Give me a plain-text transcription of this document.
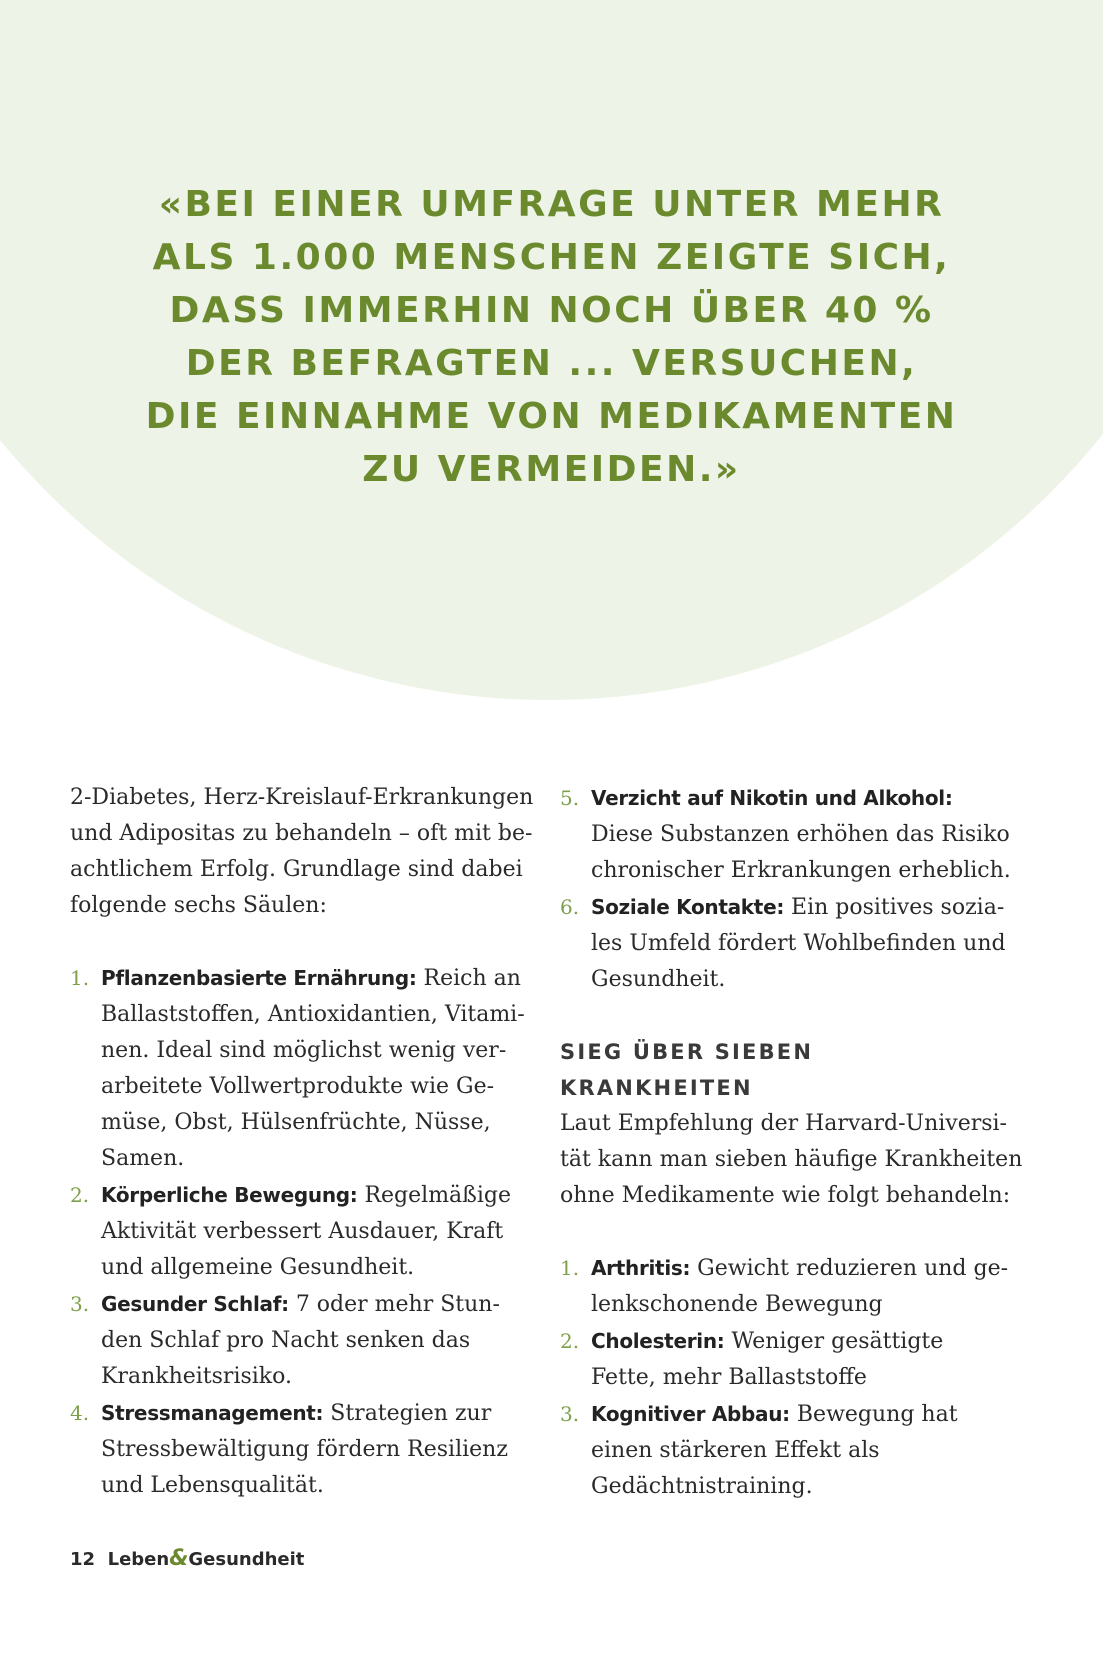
«BEI EINER UMFRAGE UNTER MEHR
ALS 1.000 MENSCHEN ZEIGTE SICH,
DASS IMMERHIN NOCH ÜBER 40 %
DER BEFRAGTEN ... VERSUCHEN,
DIE EINNAHME VON MEDIKAMENTEN
ZU VERMEIDEN.»

2-Diabetes, Herz-Kreislauf-Erkrankungen
und Adipositas zu behandeln – oft mit be-
achtlichem Erfolg. Grundlage sind dabei
folgende sechs Säulen:

1. Pflanzenbasierte Ernährung: Reich an
Ballaststoffen, Antioxidantien, Vitami-
nen. Ideal sind möglichst wenig ver-
arbeitete Vollwertprodukte wie Ge-
müse, Obst, Hülsenfrüchte, Nüsse,
Samen.
2. Körperliche Bewegung: Regelmäßige
Aktivität verbessert Ausdauer, Kraft
und allgemeine Gesundheit.
3. Gesunder Schlaf: 7 oder mehr Stun-
den Schlaf pro Nacht senken das
Krankheitsrisiko.
4. Stressmanagement: Strategien zur
Stressbewältigung fördern Resilienz
und Lebensqualität.
5. Verzicht auf Nikotin und Alkohol:
Diese Substanzen erhöhen das Risiko
chronischer Erkrankungen erheblich.
6. Soziale Kontakte: Ein positives sozia-
les Umfeld fördert Wohlbefinden und
Gesundheit.
SIEG ÜBER SIEBEN
KRANKHEITEN

Laut Empfehlung der Harvard-Universi-
tät kann man sieben häufige Krankheiten
ohne Medikamente wie folgt behandeln:

1. Arthritis: Gewicht reduzieren und ge-
lenkschonende Bewegung
2. Cholesterin: Weniger gesättigte
Fette, mehr Ballaststoffe
3. Kognitiver Abbau: Bewegung hat
einen stärkeren Effekt als
Gedächtnistraining.
12 Leben&Gesundheit
